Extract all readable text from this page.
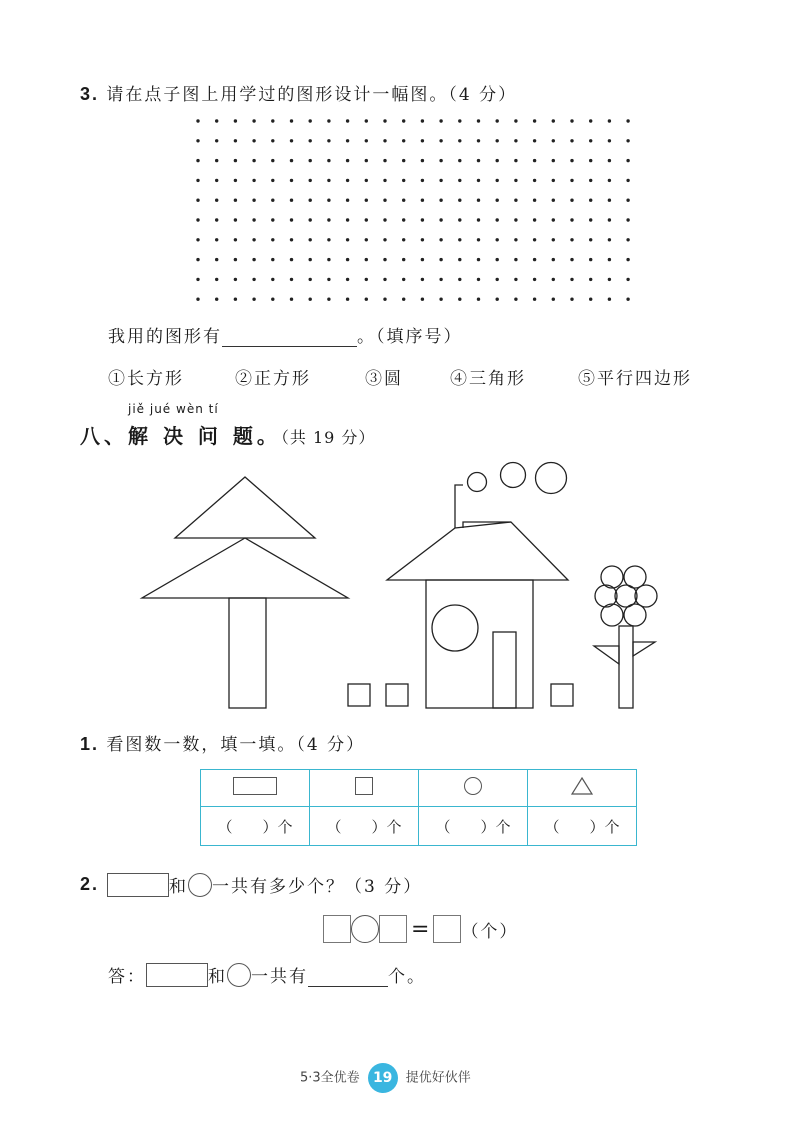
3. 请在点子图上用学过的图形设计一幅图。（4 分）
我用的图形有	。（填序号）
①长方形	②正方形	③圆	④三角形	⑤平行四边形
jiě jué wèn tí
八、解 决 问 题。（共 19 分）
1. 看图数一数，填一填。（4 分）

（　　）个	（　　）个	（　　）个	（　　）个
2.	和 一共有多少个？（3 分）
= （个）
答：	和 一共有	个。
5·3全优卷 19 提优好伙伴
